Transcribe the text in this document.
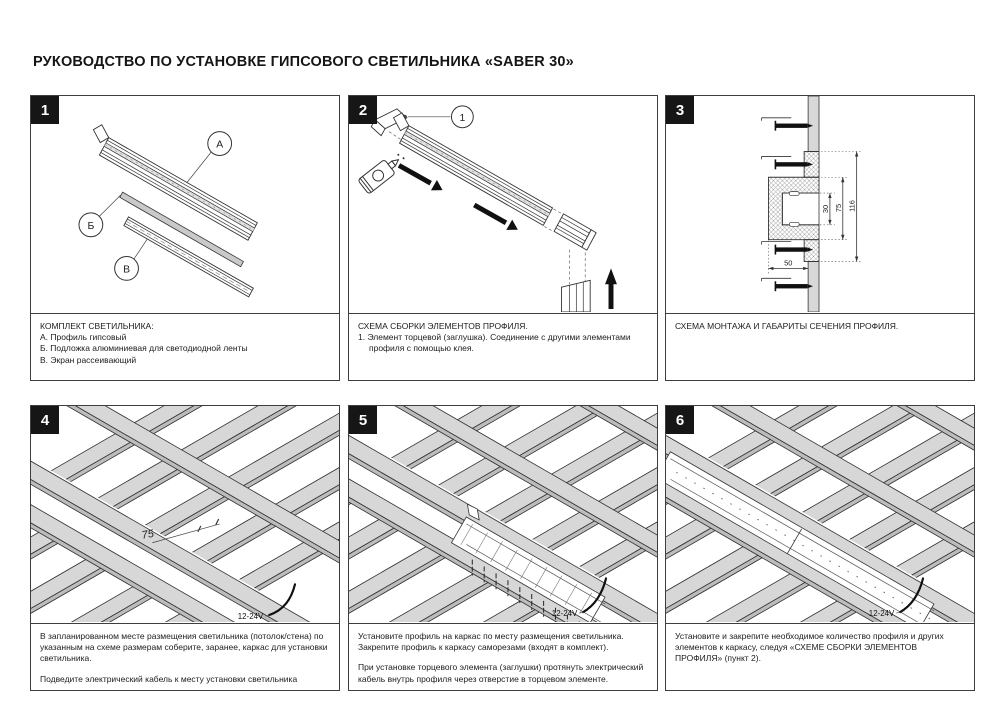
РУКОВОДСТВО ПО УСТАНОВКЕ ГИПСОВОГО СВЕТИЛЬНИКА «SABER 30»
1
А
Б
В
КОМПЛЕКТ СВЕТИЛЬНИКА:
А. Профиль гипсовый
Б. Подложка алюминиевая для светодиодной ленты
В. Экран рассеивающий
2	1
СХЕМА СБОРКИ ЭЛЕМЕНТОВ ПРОФИЛЯ.
1. Элемент торцевой (заглушка). Соединение с другими элементами профиля с помощью клея.
3
30 75 116
50
СХЕМА МОНТАЖА И ГАБАРИТЫ СЕЧЕНИЯ ПРОФИЛЯ.
4
75
12-24V
В запланированном месте размещения светильника (потолок/стена) по указанным на схеме размерам соберите, заранее, каркас для установки светильника.
Подведите электрический кабель к месту установки светильника
5
12-24V
Установите профиль на каркас по месту размещения светильника. Закрепите профиль к каркасу саморезами (входят в комплект).
При установке торцевого элемента (заглушки) протянуть электрический кабель внутрь профиля через отверстие в торцевом элементе.
6
12-24V
Установите и закрепите необходимое количество профиля и других элементов к каркасу, следуя «СХЕМЕ СБОРКИ ЭЛЕМЕНТОВ ПРОФИЛЯ» (пункт 2).
